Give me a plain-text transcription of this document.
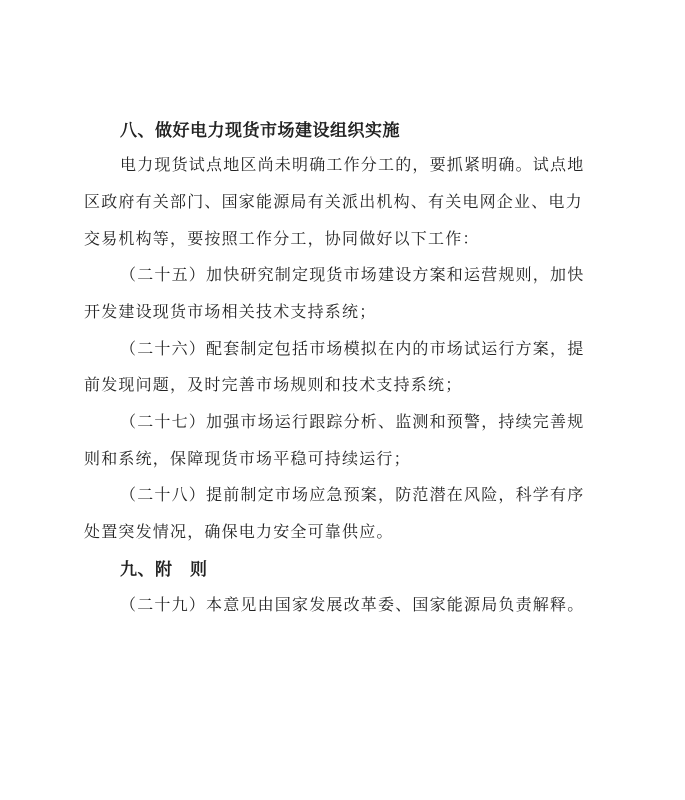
八、做好电力现货市场建设组织实施
电力现货试点地区尚未明确工作分工的，要抓紧明确。试点地
区政府有关部门、国家能源局有关派出机构、有关电网企业、电力
交易机构等，要按照工作分工，协同做好以下工作：
（二十五）加快研究制定现货市场建设方案和运营规则，加快
开发建设现货市场相关技术支持系统；
（二十六）配套制定包括市场模拟在内的市场试运行方案，提
前发现问题，及时完善市场规则和技术支持系统；
（二十七）加强市场运行跟踪分析、监测和预警，持续完善规
则和系统，保障现货市场平稳可持续运行；
（二十八）提前制定市场应急预案，防范潜在风险，科学有序
处置突发情况，确保电力安全可靠供应。
九、附　则
（二十九）本意见由国家发展改革委、国家能源局负责解释。
